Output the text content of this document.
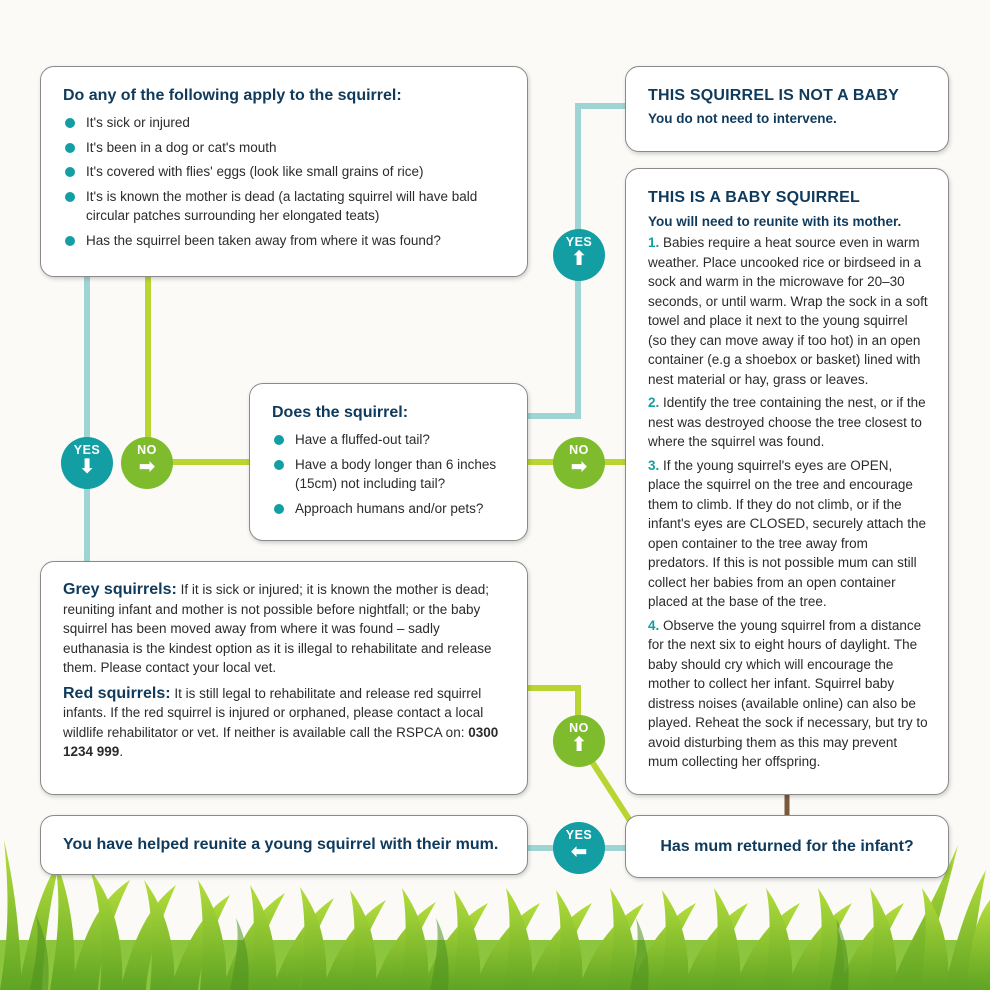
Do any of the following apply to the squirrel:
It's sick or injured
It's been in a dog or cat's mouth
It's covered with flies' eggs (look like small grains of rice)
It's is known the mother is dead (a lactating squirrel will have bald circular patches surrounding her elongated teats)
Has the squirrel been taken away from where it was found?
Does the squirrel:
Have a fluffed-out tail?
Have a body longer than 6 inches (15cm) not including tail?
Approach humans and/or pets?

Grey squirrels: If it is sick or injured; it is known the mother is dead; reuniting infant and mother is not possible before nightfall; or the baby squirrel has been moved away from where it was found – sadly euthanasia is the kindest option as it is illegal to rehabilitate and release them. Please contact your local vet.

Red squirrels: It is still legal to rehabilitate and release red squirrel infants. If the red squirrel is injured or orphaned, please contact a local wildlife rehabilitator or vet. If neither is available call the RSPCA on: 0300 1234 999.

THIS SQUIRREL IS NOT A BABY
You do not need to intervene.
THIS IS A BABY SQUIRREL
You will need to reunite with its mother.

1. Babies require a heat source even in warm weather. Place uncooked rice or birdseed in a sock and warm in the microwave for 20–30 seconds, or until warm. Wrap the sock in a soft towel and place it next to the young squirrel (so they can move away if too hot) in an open container (e.g a shoebox or basket) lined with nest material or hay, grass or leaves.

2. Identify the tree containing the nest, or if the nest was destroyed choose the tree closest to where the squirrel was found.

3. If the young squirrel's eyes are OPEN, place the squirrel on the tree and encourage them to climb. If they do not climb, or if the infant's eyes are CLOSED, securely attach the open container to the tree away from predators. If this is not possible mum can still collect her babies from an open container placed at the base of the tree.

4. Observe the young squirrel from a distance for the next six to eight hours of daylight. The baby should cry which will encourage the mother to collect her infant. Squirrel baby distress noises (available online) can also be played. Reheat the sock if necessary, but try to avoid disturbing them as this may prevent mum collecting her offspring.

You have helped reunite a young squirrel with their mum.	Has mum returned for the infant?
YES
⬆
YES
⬇
NO
➡
NO
➡
NO
⬆
YES
⬅
